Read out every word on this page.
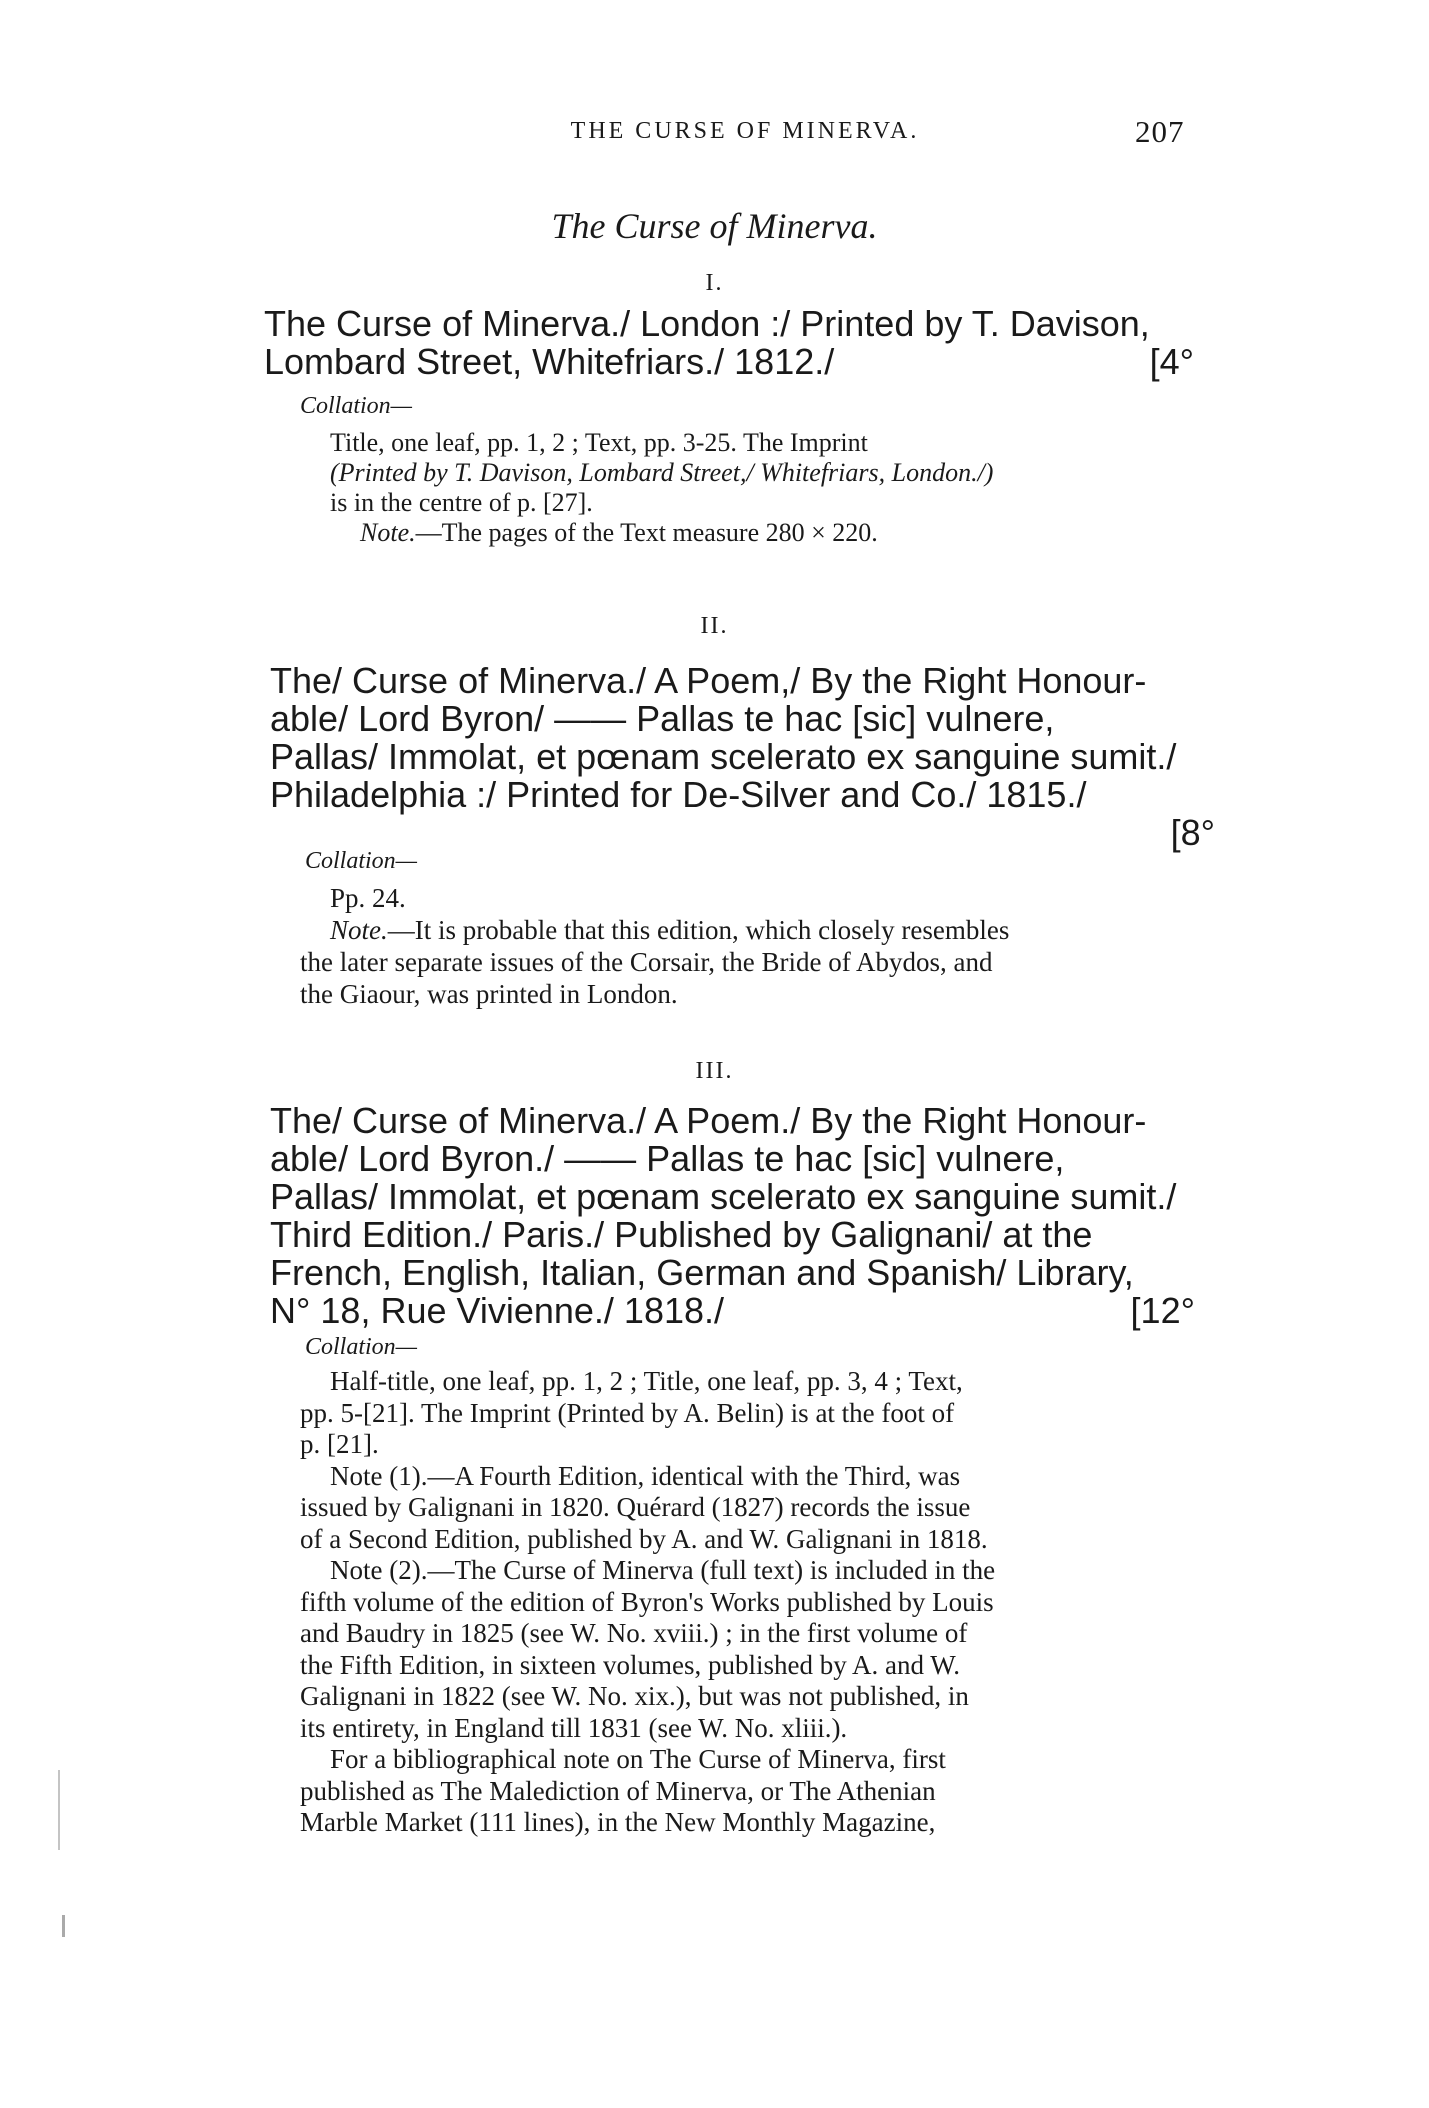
THE CURSE OF MINERVA.	207
The Curse of Minerva.
I.
The Curse of Minerva./ London :/ Printed by T. Davison,
Lombard Street, Whitefriars./ 1812./	[4°
Collation—
Title, one leaf, pp. 1, 2 ; Text, pp. 3-25. The Imprint
(Printed by T. Davison, Lombard Street,/ Whitefriars, London./)
is in the centre of p. [27].
Note.—The pages of the Text measure 280 × 220.
II.
The/ Curse of Minerva./ A Poem,/ By the Right Honour-
able/ Lord Byron/ —— Pallas te hac [sic] vulnere,
Pallas/ Immolat, et pœnam scelerato ex sanguine sumit./
Philadelphia :/ Printed for De-Silver and Co./ 1815./
[8°
Collation—
Pp. 24.
Note.—It is probable that this edition, which closely resembles
the later separate issues of the Corsair, the Bride of Abydos, and
the Giaour, was printed in London.
III.
The/ Curse of Minerva./ A Poem./ By the Right Honour-
able/ Lord Byron./ —— Pallas te hac [sic] vulnere,
Pallas/ Immolat, et pœnam scelerato ex sanguine sumit./
Third Edition./ Paris./ Published by Galignani/ at the
French, English, Italian, German and Spanish/ Library,
N° 18, Rue Vivienne./ 1818./	[12°
Collation—
Half-title, one leaf, pp. 1, 2 ; Title, one leaf, pp. 3, 4 ; Text,
pp. 5-[21]. The Imprint (Printed by A. Belin) is at the foot of
p. [21].
Note (1).—A Fourth Edition, identical with the Third, was
issued by Galignani in 1820. Quérard (1827) records the issue
of a Second Edition, published by A. and W. Galignani in 1818.
Note (2).—The Curse of Minerva (full text) is included in the
fifth volume of the edition of Byron's Works published by Louis
and Baudry in 1825 (see W. No. xviii.) ; in the first volume of
the Fifth Edition, in sixteen volumes, published by A. and W.
Galignani in 1822 (see W. No. xix.), but was not published, in
its entirety, in England till 1831 (see W. No. xliii.).
For a bibliographical note on The Curse of Minerva, first
published as The Malediction of Minerva, or The Athenian
Marble Market (111 lines), in the New Monthly Magazine,
